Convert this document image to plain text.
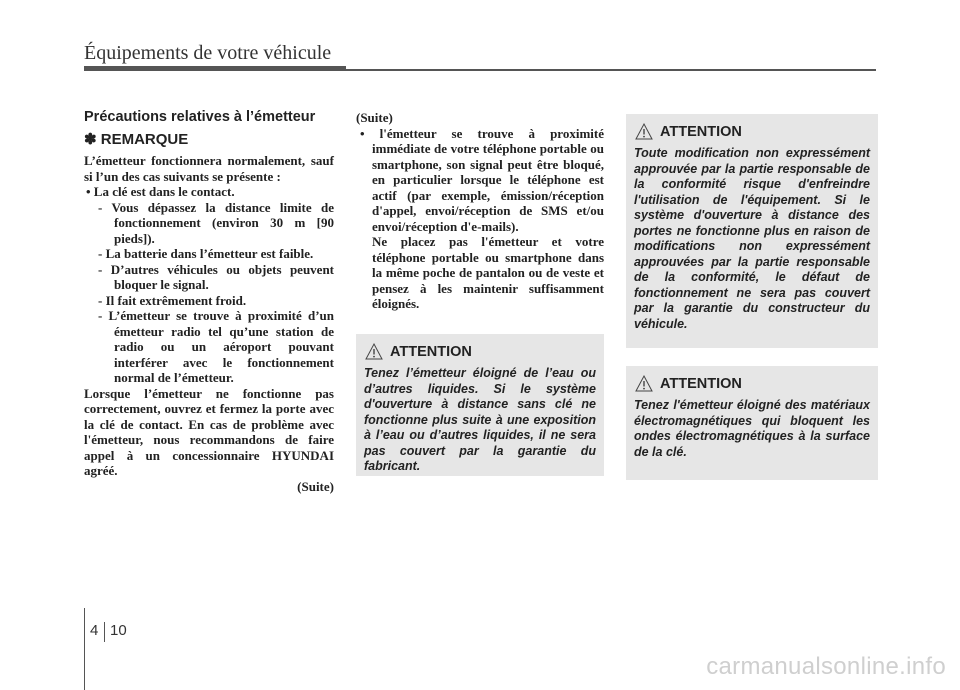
Équipements de votre véhicule
Précautions relatives à l’émetteur
✽ REMARQUE

L’émetteur fonctionnera normalement, sauf si l’un des cas suivants se présente :

• La clé est dans le contact.

- Vous dépassez la distance limite de fonctionnement (environ 30 m [90 pieds]).

- La batterie dans l’émetteur est faible.

- D’autres véhicules ou objets peuvent bloquer le signal.

- Il fait extrêmement froid.

- L’émetteur se trouve à proximité d’un émetteur radio tel qu’une station de radio ou un aéroport pouvant interférer avec le fonctionnement normal de l’émetteur.

Lorsque l’émetteur ne fonctionne pas correctement, ouvrez et fermez la porte avec la clé de contact. En cas de problème avec l'émetteur, nous recommandons de faire appel à un concessionnaire HYUNDAI agréé.

(Suite)

(Suite)

• l'émetteur se trouve à proximité immédiate de votre téléphone portable ou smartphone, son signal peut être bloqué, en particulier lorsque le téléphone est actif (par exemple, émission/réception d'appel, envoi/réception de SMS et/ou envoi/réception d'e-mails).

Ne placez pas l'émetteur et votre téléphone portable ou smartphone dans la même poche de pantalon ou de veste et pensez à les maintenir suffisamment éloignés.

ATTENTION
Tenez l’émetteur éloigné de l’eau ou d’autres liquides. Si le système d'ouverture à distance sans clé ne fonctionne plus suite à une exposition à l’eau ou d’autres liquides, il ne sera pas couvert par la garantie du fabricant.
ATTENTION
Toute modification non expressément approuvée par la partie responsable de la conformité risque d'enfreindre l'utilisation de l'équipement. Si le système d'ouverture à distance des portes ne fonctionne plus en raison de modifications non expressément approuvées par la partie responsable de la conformité, le défaut de fonctionnement ne sera pas couvert par la garantie du constructeur du véhicule.
ATTENTION
Tenez l'émetteur éloigné des matériaux électromagnétiques qui bloquent les ondes électromagnétiques à la surface de la clé.
4 10
carmanualsonline.info
